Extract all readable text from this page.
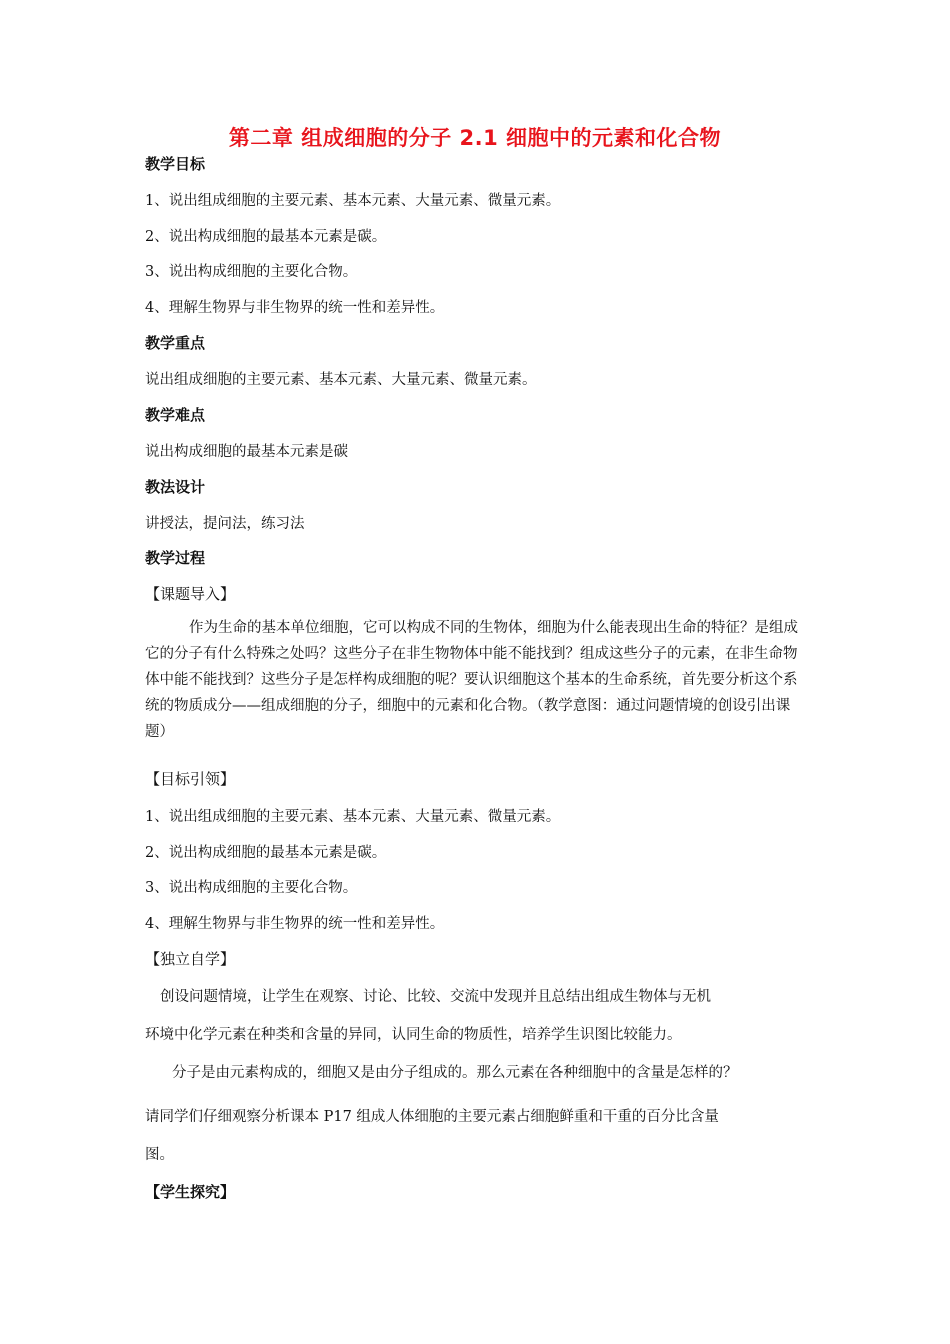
第二章 组成细胞的分子 2.1 细胞中的元素和化合物
教学目标
1、说出组成细胞的主要元素、基本元素、大量元素、微量元素。
2、说出构成细胞的最基本元素是碳。
3、说出构成细胞的主要化合物。
4、理解生物界与非生物界的统一性和差异性。
教学重点
说出组成细胞的主要元素、基本元素、大量元素、微量元素。
教学难点
说出构成细胞的最基本元素是碳
教法设计
讲授法，提问法，练习法
教学过程
【课题导入】
作为生命的基本单位细胞，它可以构成不同的生物体，细胞为什么能表现出生命的特征？是组成它的分子有什么特殊之处吗？这些分子在非生物物体中能不能找到？组成这些分子的元素，在非生命物体中能不能找到？这些分子是怎样构成细胞的呢？要认识细胞这个基本的生命系统，首先要分析这个系统的物质成分——组成细胞的分子，细胞中的元素和化合物。（教学意图：通过问题情境的创设引出课题）
【目标引领】
1、说出组成细胞的主要元素、基本元素、大量元素、微量元素。
2、说出构成细胞的最基本元素是碳。
3、说出构成细胞的主要化合物。
4、理解生物界与非生物界的统一性和差异性。
【独立自学】
创设问题情境，让学生在观察、讨论、比较、交流中发现并且总结出组成生物体与无机
环境中化学元素在种类和含量的异同，认同生命的物质性，培养学生识图比较能力。
分子是由元素构成的，细胞又是由分子组成的。那么元素在各种细胞中的含量是怎样的？
请同学们仔细观察分析课本 P17 组成人体细胞的主要元素占细胞鲜重和干重的百分比含量
图。
【学生探究】
